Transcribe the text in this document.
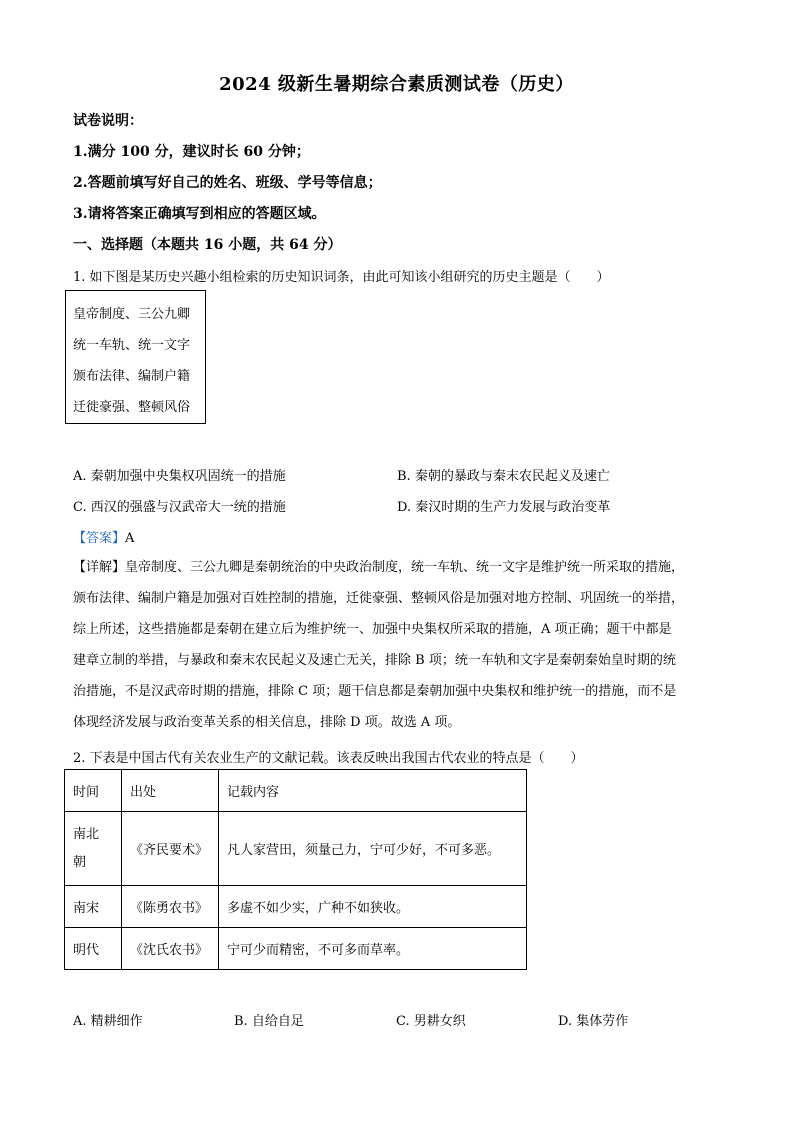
2024 级新生暑期综合素质测试卷（历史）
试卷说明：
1.满分 100 分，建议时长 60 分钟；
2.答题前填写好自己的姓名、班级、学号等信息；
3.请将答案正确填写到相应的答题区域。
一、选择题（本题共 16 小题，共 64 分）
1. 如下图是某历史兴趣小组检索的历史知识词条，由此可知该小组研究的历史主题是（　　）
皇帝制度、三公九卿
统一车轨、统一文字
颁布法律、编制户籍
迁徙豪强、整顿风俗
A. 秦朝加强中央集权巩固统一的措施	B. 秦朝的暴政与秦末农民起义及速亡
C. 西汉的强盛与汉武帝大一统的措施	D. 秦汉时期的生产力发展与政治变革
【答案】A
【详解】皇帝制度、三公九卿是秦朝统治的中央政治制度，统一车轨、统一文字是维护统一所采取的措施，
颁布法律、编制户籍是加强对百姓控制的措施，迁徙豪强、整顿风俗是加强对地方控制、巩固统一的举措，
综上所述，这些措施都是秦朝在建立后为维护统一、加强中央集权所采取的措施，A 项正确；题干中都是
建章立制的举措，与暴政和秦末农民起义及速亡无关，排除 B 项；统一车轨和文字是秦朝秦始皇时期的统
治措施，不是汉武帝时期的措施，排除 C 项；题干信息都是秦朝加强中央集权和维护统一的措施，而不是
体现经济发展与政治变革关系的相关信息，排除 D 项。故选 A 项。
2. 下表是中国古代有关农业生产的文献记载。该表反映出我国古代农业的特点是（　　）
时间	出处	记载内容

南北
朝	《齐民要术》	凡人家营田，须量己力，宁可少好，不可多恶。
南宋	《陈勇农书》	多虚不如少实，广种不如狭收。
明代	《沈氏农书》	宁可少而精密，不可多而草率。
A. 精耕细作	B. 自给自足	C. 男耕女织	D. 集体劳作
